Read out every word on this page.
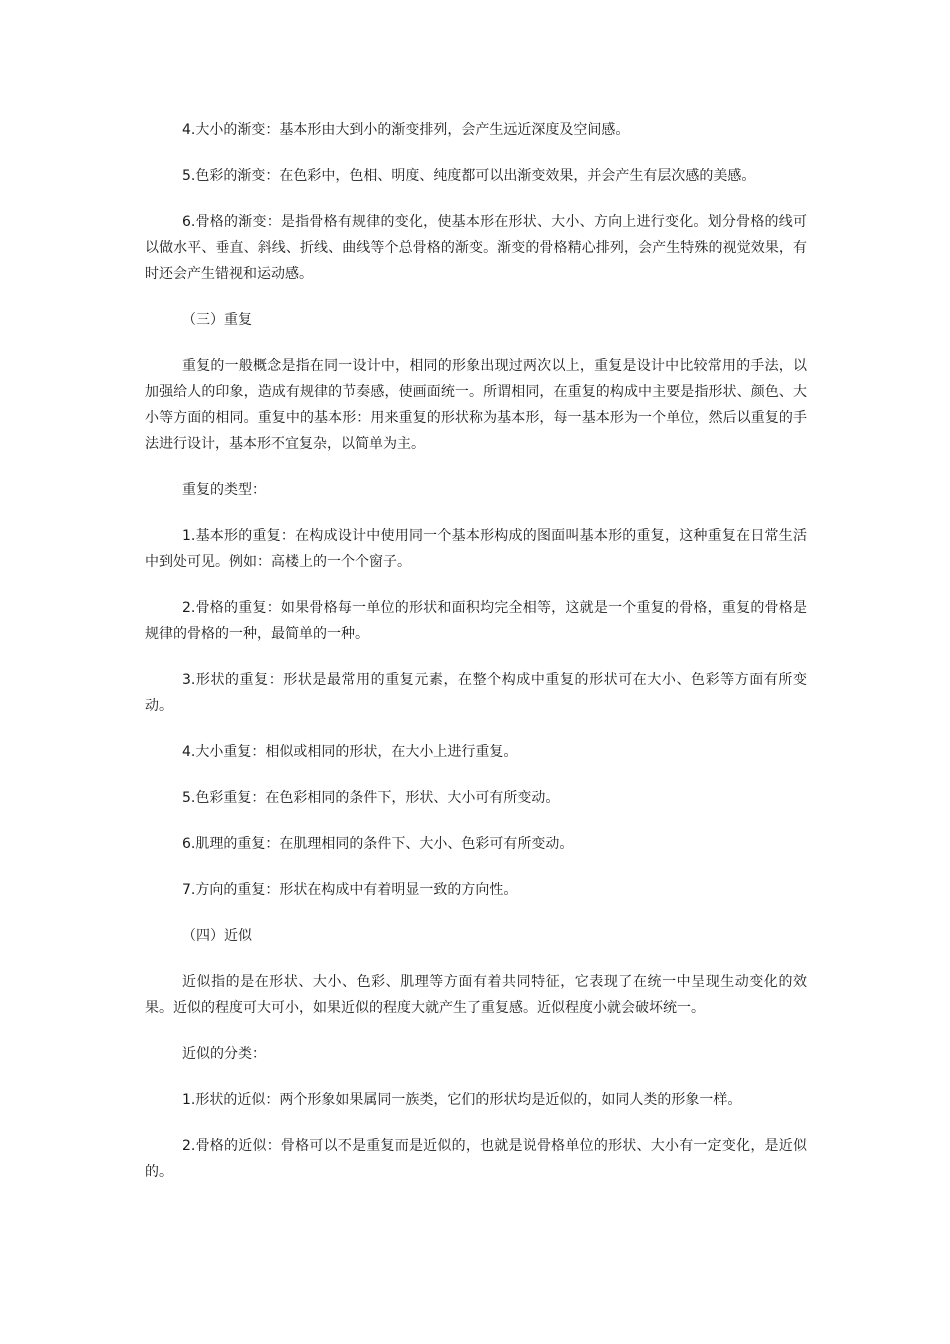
4.大小的渐变：基本形由大到小的渐变排列，会产生远近深度及空间感。

5.色彩的渐变：在色彩中，色相、明度、纯度都可以出渐变效果，并会产生有层次感的美感。

6.骨格的渐变：是指骨格有规律的变化，使基本形在形状、大小、方向上进行变化。划分骨格的线可以做水平、垂直、斜线、折线、曲线等个总骨格的渐变。渐变的骨格精心排列，会产生特殊的视觉效果，有时还会产生错视和运动感。

（三）重复

重复的一般概念是指在同一设计中，相同的形象出现过两次以上，重复是设计中比较常用的手法，以加强给人的印象，造成有规律的节奏感，使画面统一。所谓相同，在重复的构成中主要是指形状、颜色、大小等方面的相同。重复中的基本形：用来重复的形状称为基本形，每一基本形为一个单位，然后以重复的手法进行设计，基本形不宜复杂，以简单为主。

重复的类型：

1.基本形的重复：在构成设计中使用同一个基本形构成的图面叫基本形的重复，这种重复在日常生活中到处可见。例如：高楼上的一个个窗子。

2.骨格的重复：如果骨格每一单位的形状和面积均完全相等，这就是一个重复的骨格，重复的骨格是规律的骨格的一种，最简单的一种。

3.形状的重复：形状是最常用的重复元素，在整个构成中重复的形状可在大小、色彩等方面有所变动。

4.大小重复：相似或相同的形状，在大小上进行重复。

5.色彩重复：在色彩相同的条件下，形状、大小可有所变动。

6.肌理的重复：在肌理相同的条件下、大小、色彩可有所变动。

7.方向的重复：形状在构成中有着明显一致的方向性。

（四）近似

近似指的是在形状、大小、色彩、肌理等方面有着共同特征，它表现了在统一中呈现生动变化的效果。近似的程度可大可小，如果近似的程度大就产生了重复感。近似程度小就会破坏统一。

近似的分类：

1.形状的近似：两个形象如果属同一族类，它们的形状均是近似的，如同人类的形象一样。

2.骨格的近似：骨格可以不是重复而是近似的，也就是说骨格单位的形状、大小有一定变化，是近似的。
